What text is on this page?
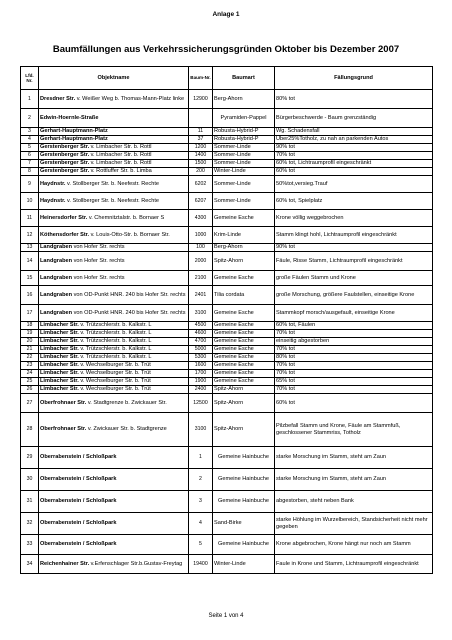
Anlage 1
Baumfällungen aus Verkehrssicherungsgründen Oktober bis Dezember 2007
Lfd. Nr.	Objektname	Baum-Nr.	Baumart	Fällungsgrund
1	Dresdner Str. v. Weißer Weg b. Thomas-Mann-Platz linke	12900	Berg-Ahorn	80% tot
2	Edwin-Hoernle-Straße		Pyramiden-Pappel	Bürgerbeschwerde - Baum grenzständig
3	Gerhart-Hauptmann-Platz	11	Robusta-Hybrid-P	Wg. Schadensfall
4	Gerhart-Hauptmann-Platz	37	Robusta-Hybrid-P	Über25%Totholz, zu nah an parkenden Autos
5	Gerstenberger Str. v. Limbacher Str. b. Rottl	1200	Sommer-Linde	90% tot
6	Gerstenberger Str. v. Limbacher Str. b. Rottl	1400	Sommer-Linde	70% tot
7	Gerstenberger Str. v. Limbacher Str. b. Rottl	1500	Sommer-Linde	60% tot, Lichtraumprofil eingeschränkt
8	Gerstenberger Str. v. Rottluffer Str. b. Limba	200	Winter-Linde	60% tot
9	Haydnstr. v. Stollberger Str. b. Neefestr. Rechte	6202	Sommer-Linde	50%tot,versieg.Trauf
10	Haydnstr. v. Stollberger Str. b. Neefestr. Rechte	6207	Sommer-Linde	60% tot, Spielplatz
11	Heinersdorfer Str. v. Chemnitztalstr. b. Bornaer S	4300	Gemeine Esche	Krone völlig weggebrochen
12	Köthensdorfer Str. v. Louis-Otto-Str. b. Bornaer Str.	1000	Krim-Linde	Stamm klingt hohl, Lichtraumprofil eingeschränkt
13	Landgraben von Hofer Str. rechts	100	Berg-Ahorn	90% tot
14	Landgraben von Hofer Str. rechts	2000	Spitz-Ahorn	Fäule, Risse Stamm, Lichtraumprofil eingeschränkt
15	Landgraben von Hofer Str. rechts	2100	Gemeine Esche	große Fäulen Stamm und Krone
16	Landgraben von OD-Punkt HNR. 240 bis Hofer Str. rechts	2401	Tilia cordata	große Morschung, größere Faulstellen, einseitige Krone
17	Landgraben von OD-Punkt HNR. 240 bis Hofer Str. rechts	3100	Gemeine Esche	Stammkopf morsch/ausgefault, einseitige Krone
18	Limbacher Str. v. Trützschlerstr. b. Kalkstr. L	4500	Gemeine Esche	60% tot, Fäulen
19	Limbacher Str. v. Trützschlerstr. b. Kalkstr. L	4600	Gemeine Esche	70% tot
20	Limbacher Str. v. Trützschlerstr. b. Kalkstr. L	4700	Gemeine Esche	einseitig abgestorben
21	Limbacher Str. v. Trützschlerstr. b. Kalkstr. L	5000	Gemeine Esche	70% tot
22	Limbacher Str. v. Trützschlerstr. b. Kalkstr. L	5300	Gemeine Esche	80% tot
23	Limbacher Str. v. Wechselburger Str. b. Trüt	1600	Gemeine Esche	70% tot
24	Limbacher Str. v. Wechselburger Str. b. Trüt	1700	Gemeine Esche	70% tot
25	Limbacher Str. v. Wechselburger Str. b. Trüt	1900	Gemeine Esche	65% tot
26	Limbacher Str. v. Wechselburger Str. b. Trüt	2400	Spitz-Ahorn	70% tot
27	Oberfrohnaer Str. v. Stadtgrenze b. Zwickauer Str.	12500	Spitz-Ahorn	60% tot
28	Oberfrohnaer Str. v. Zwickauer Str. b. Stadtgrenze	3100	Spitz-Ahorn	Pilzbefall Stamm und Krone, Fäule am Stammfuß, geschlossener Stammriss, Totholz
29	Oberrabenstein / Schloßpark	1	Gemeine Hainbuche	starke Morschung im Stamm, steht am Zaun
30	Oberrabenstein / Schloßpark	2	Gemeine Hainbuche	starke Morschung im Stamm, steht am Zaun
31	Oberrabenstein / Schloßpark	3	Gemeine Hainbuche	abgestorben, steht neben Bank
32	Oberrabenstein / Schloßpark	4	Sand-Birke	starke Höhlung im Wurzelbereich, Standsicherheit nicht mehr gegeben
33	Oberrabenstein / Schloßpark	5	Gemeine Hainbuche	Krone abgebrochen, Krone hängt nur noch am Stamm
34	Reichenhainer Str. v.Erfenschlager Str.b.Gustav-Freytag	19400	Winter-Linde	Faule in Krone und Stamm, Lichtraumprofil eingeschränkt
Seite 1 von 4
